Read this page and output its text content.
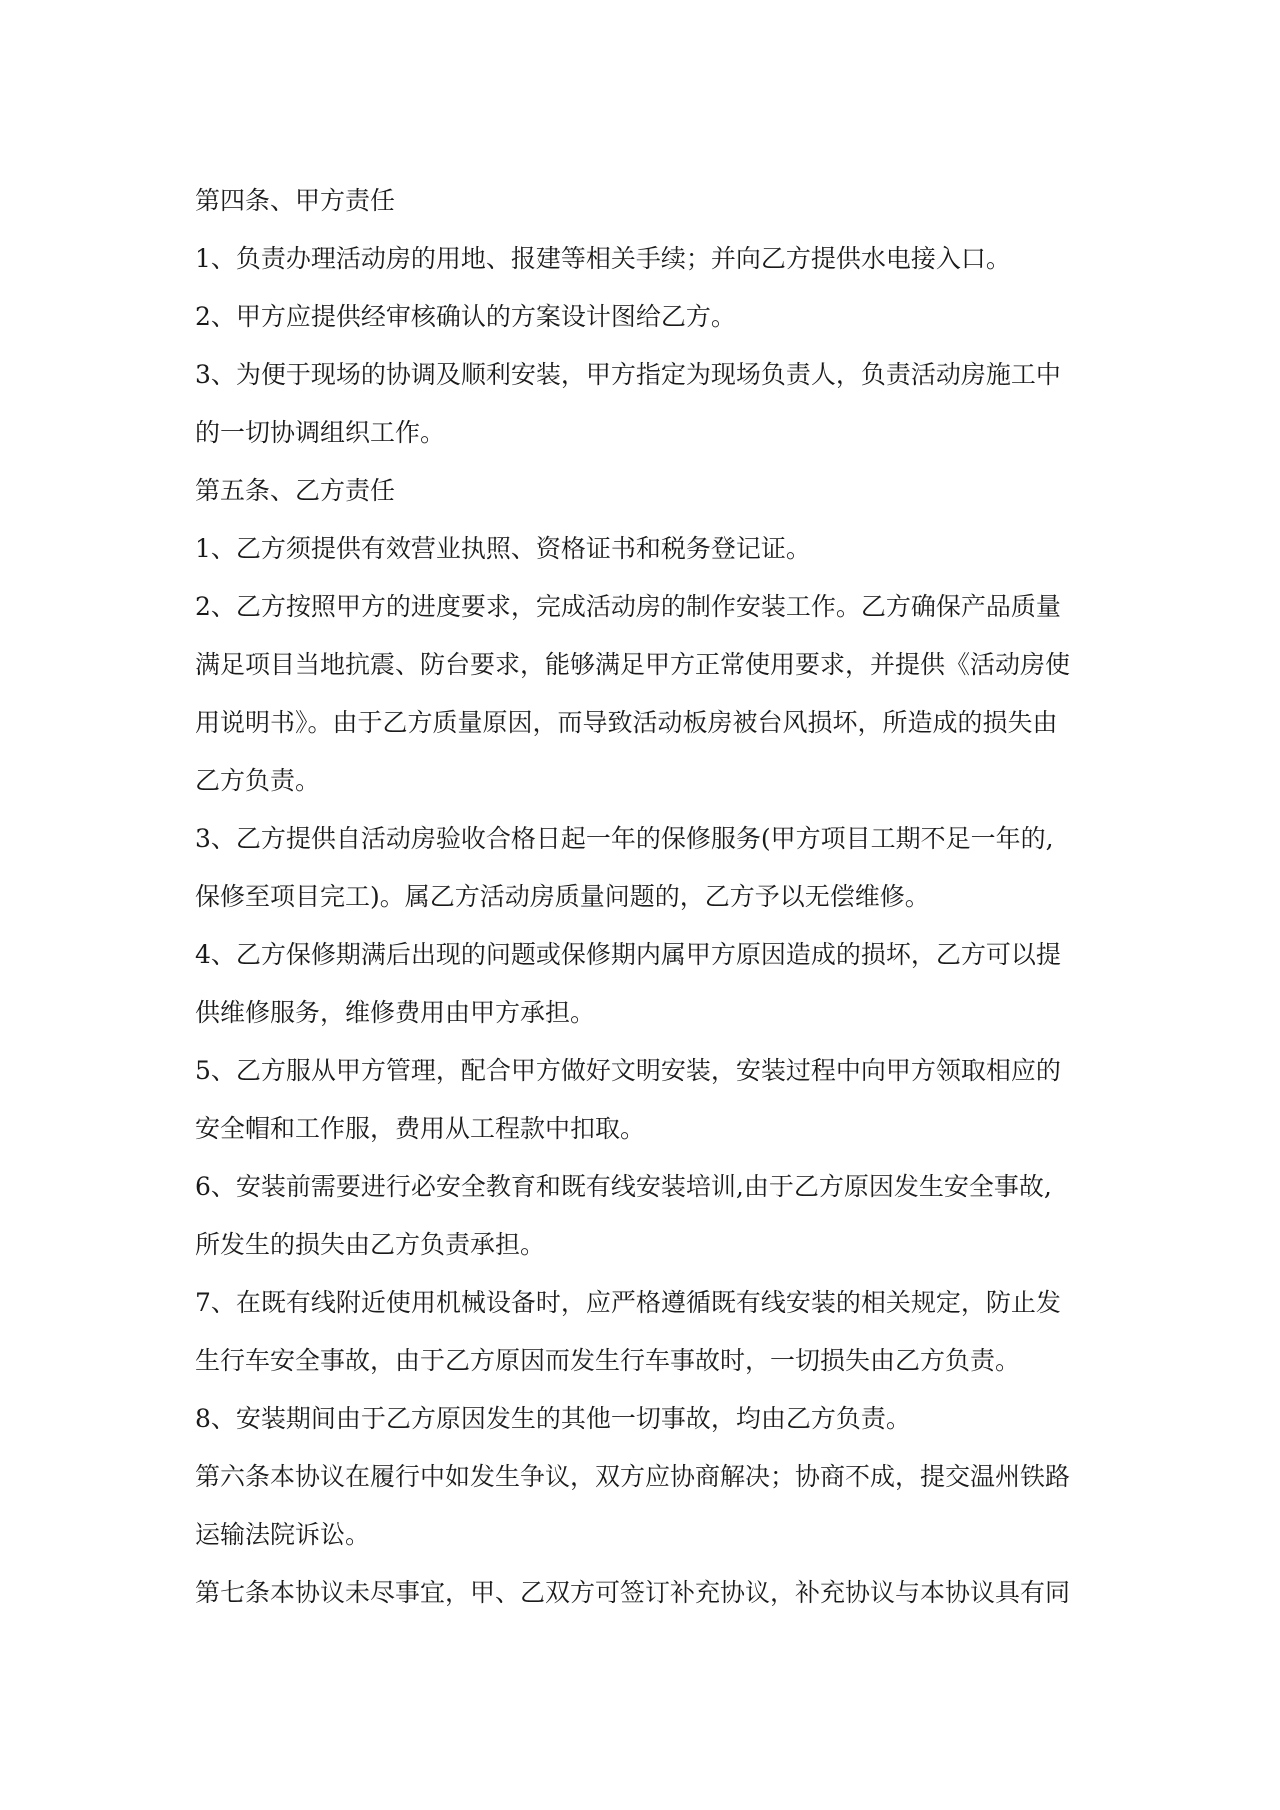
第四条、甲方责任

1、负责办理活动房的用地、报建等相关手续；并向乙方提供水电接入口。

2、甲方应提供经审核确认的方案设计图给乙方。

3、为便于现场的协调及顺利安装，甲方指定为现场负责人，负责活动房施工中

的一切协调组织工作。

第五条、乙方责任

1、乙方须提供有效营业执照、资格证书和税务登记证。

2、乙方按照甲方的进度要求，完成活动房的制作安装工作。乙方确保产品质量

满足项目当地抗震、防台要求，能够满足甲方正常使用要求，并提供《活动房使

用说明书》。由于乙方质量原因，而导致活动板房被台风损坏，所造成的损失由

乙方负责。

3、乙方提供自活动房验收合格日起一年的保修服务(甲方项目工期不足一年的,

保修至项目完工)。属乙方活动房质量问题的，乙方予以无偿维修。

4、乙方保修期满后出现的问题或保修期内属甲方原因造成的损坏，乙方可以提

供维修服务，维修费用由甲方承担。

5、乙方服从甲方管理，配合甲方做好文明安装，安装过程中向甲方领取相应的

安全帽和工作服，费用从工程款中扣取。

6、安装前需要进行必安全教育和既有线安装培训,由于乙方原因发生安全事故,

所发生的损失由乙方负责承担。

7、在既有线附近使用机械设备时，应严格遵循既有线安装的相关规定，防止发

生行车安全事故，由于乙方原因而发生行车事故时，一切损失由乙方负责。

8、安装期间由于乙方原因发生的其他一切事故，均由乙方负责。

第六条本协议在履行中如发生争议，双方应协商解决；协商不成，提交温州铁路

运输法院诉讼。

第七条本协议未尽事宜，甲、乙双方可签订补充协议，补充协议与本协议具有同
